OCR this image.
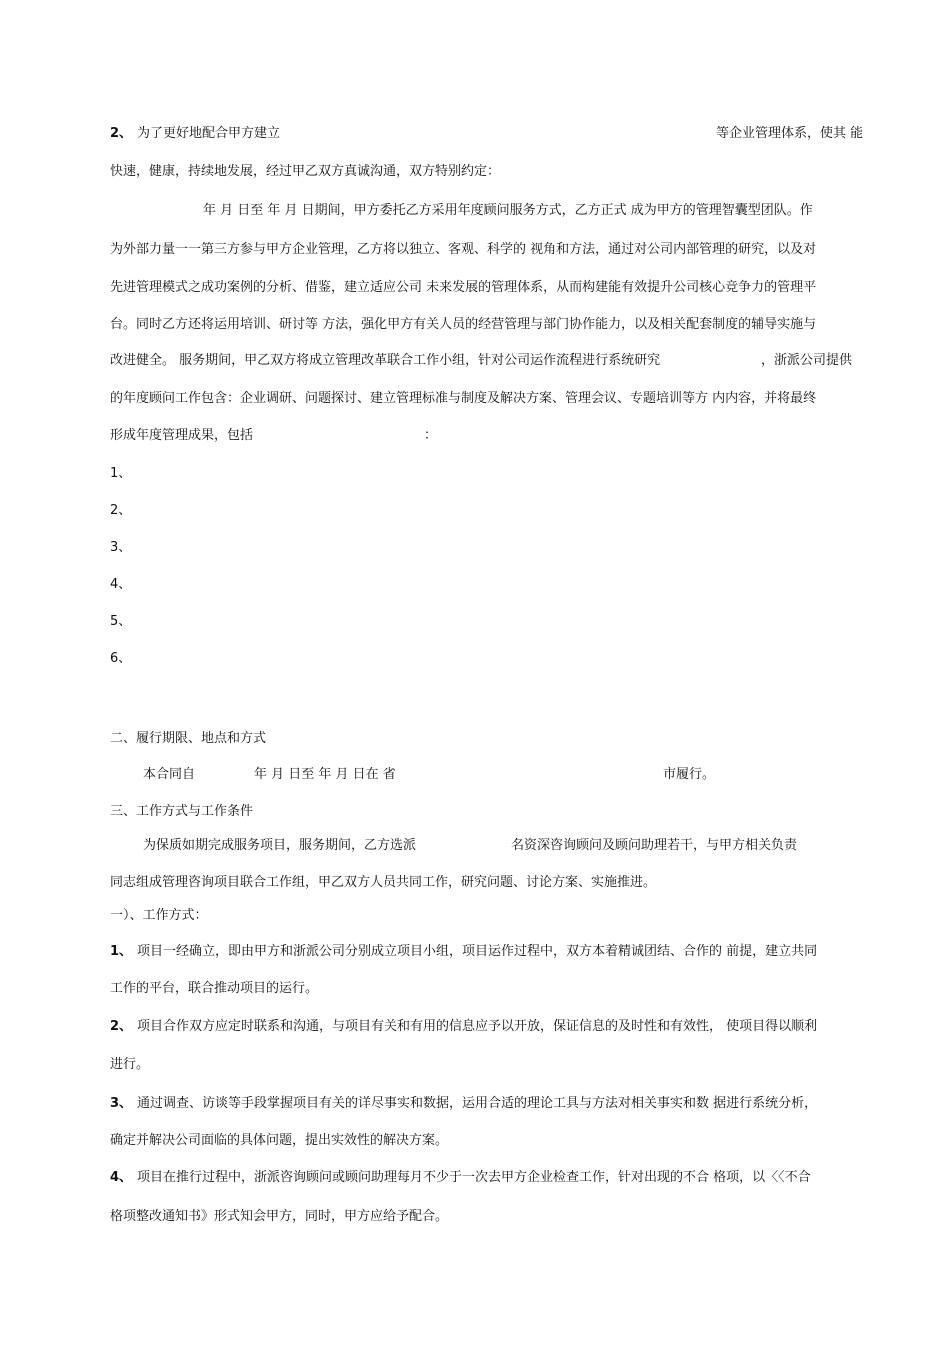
2、 为了更好地配合甲方建立	等企业管理体系，使其 能
快速，健康，持续地发展，经过甲乙双方真诚沟通，双方特别约定：
年 月 日至 年 月 日期间，甲方委托乙方采用年度顾问服务方式，乙方正式 成为甲方的管理智囊型团队。作
为外部力量一一第三方参与甲方企业管理，乙方将以独立、客观、科学的 视角和方法，通过对公司内部管理的研究，以及对
先进管理模式之成功案例的分析、借鉴，建立适应公司 未来发展的管理体系，从而构建能有效提升公司核心竞争力的管理平
台。同时乙方还将运用培训、研讨等 方法，强化甲方有关人员的经营管理与部门协作能力，以及相关配套制度的辅导实施与
改进健全。 服务期间，甲乙双方将成立管理改革联合工作小组，针对公司运作流程进行系统研究	，浙派公司提供
的年度顾问工作包含：企业调研、问题探讨、建立管理标准与制度及解决方案、管理会议、专题培训等方 内内容，并将最终
形成年度管理成果，包括	：
1、
2、
3、
4、
5、
6、
二、履行期限、地点和方式
本合同自	年 月 日至 年 月 日在 省	市履行。
三、工作方式与工作条件
为保质如期完成服务项目，服务期间，乙方选派	名资深咨询顾问及顾问助理若干，与甲方相关负责
同志组成管理咨询项目联合工作组，甲乙双方人员共同工作，研究问题、讨论方案、实施推进。
一）、工作方式：
1、 项目一经确立，即由甲方和浙派公司分别成立项目小组，项目运作过程中，双方本着精诚团结、合作的 前提，建立共同
工作的平台，联合推动项目的运行。
2、 项目合作双方应定时联系和沟通，与项目有关和有用的信息应予以开放，保证信息的及时性和有效性， 使项目得以顺利
进行。
3、 通过调查、访谈等手段掌握项目有关的详尽事实和数据，运用合适的理论工具与方法对相关事实和数 据进行系统分析，
确定并解决公司面临的具体问题，提出实效性的解决方案。
4、 项目在推行过程中，浙派咨询顾问或顾问助理每月不少于一次去甲方企业检查工作，针对出现的不合 格项，以〈〈不合
格项整改通知书》形式知会甲方，同时，甲方应给予配合。
